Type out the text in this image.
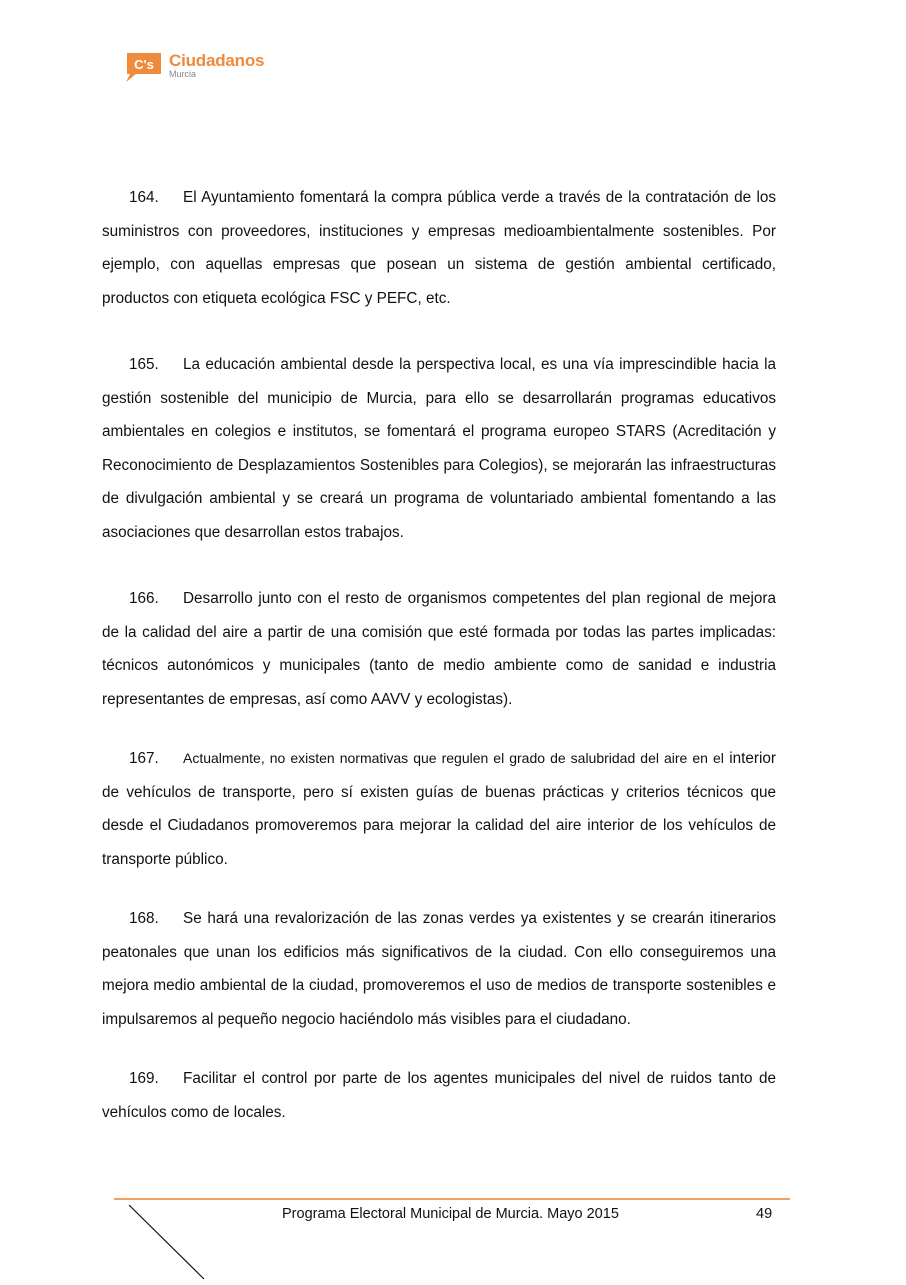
C's Ciudadanos
Murcia

164. El Ayuntamiento fomentará la compra pública verde a través de la contratación de los suministros con proveedores, instituciones y empresas medioambientalmente sostenibles. Por ejemplo, con aquellas empresas que posean un sistema de gestión ambiental certificado, productos con etiqueta ecológica FSC y PEFC, etc.

165. La educación ambiental desde la perspectiva local, es una vía imprescindible hacia la gestión sostenible del municipio de Murcia, para ello se desarrollarán programas educativos ambientales en colegios e institutos, se fomentará el programa europeo STARS (Acreditación y Reconocimiento de Desplazamientos Sostenibles para Colegios), se mejorarán las infraestructuras de divulgación ambiental y se creará un programa de voluntariado ambiental fomentando a las asociaciones que desarrollan estos trabajos.

166. Desarrollo junto con el resto de organismos competentes del plan regional de mejora de la calidad del aire a partir de una comisión que esté formada por todas las partes implicadas: técnicos autonómicos y municipales (tanto de medio ambiente como de sanidad e industria representantes de empresas, así como AAVV y ecologistas).

167. Actualmente, no existen normativas que regulen el grado de salubridad del aire en el interior de vehículos de transporte, pero sí existen guías de buenas prácticas y criterios técnicos que desde el Ciudadanos promoveremos para mejorar la calidad del aire interior de los vehículos de transporte público.

168. Se hará una revalorización de las zonas verdes ya existentes y se crearán itinerarios peatonales que unan los edificios más significativos de la ciudad. Con ello conseguiremos una mejora medio ambiental de la ciudad, promoveremos el uso de medios de transporte sostenibles e impulsaremos al pequeño negocio haciéndolo más visibles para el ciudadano.

169. Facilitar el control por parte de los agentes municipales del nivel de ruidos tanto de vehículos como de locales.

Programa Electoral Municipal de Murcia. Mayo 2015	49
